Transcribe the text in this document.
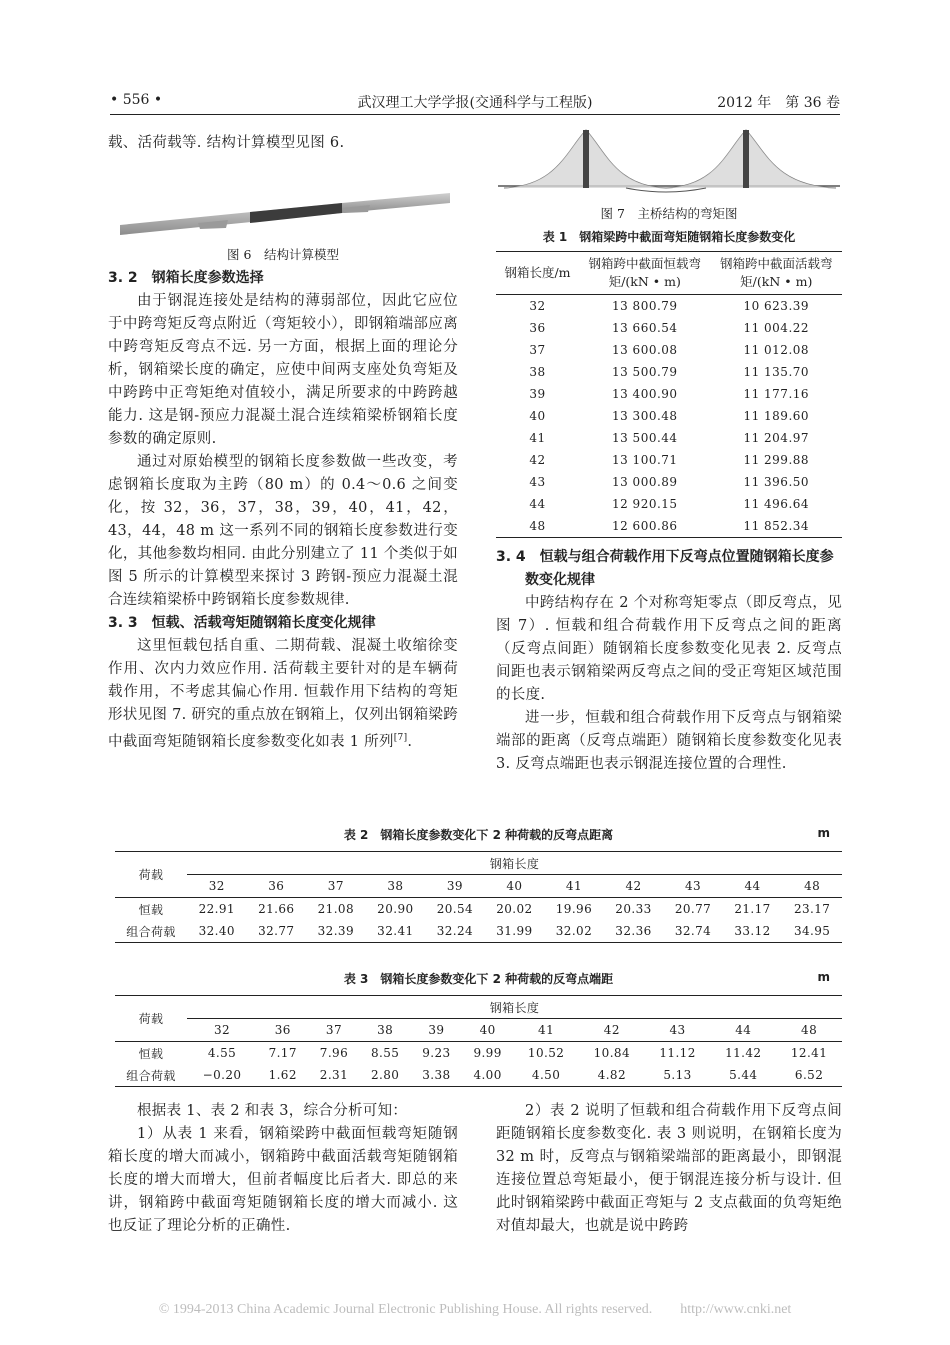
• 556 •	武汉理工大学学报(交通科学与工程版)	2012 年　第 36 卷

载、活荷载等. 结构计算模型见图 6.

图 6　结构计算模型

3. 2　钢箱长度参数选择

由于钢混连接处是结构的薄弱部位，因此它应位于中跨弯矩反弯点附近（弯矩较小），即钢箱端部应离中跨弯矩反弯点不远. 另一方面，根据上面的理论分析，钢箱梁长度的确定，应使中间两支座处负弯矩及中跨跨中正弯矩绝对值较小，满足所要求的中跨跨越能力. 这是钢-预应力混凝土混合连续箱梁桥钢箱长度参数的确定原则.

通过对原始模型的钢箱长度参数做一些改变，考虑钢箱长度取为主跨（80 m）的 0.4～0.6 之间变化，按 32，36，37，38，39，40，41，42，43，44，48 m 这一系列不同的钢箱长度参数进行变化，其他参数均相同. 由此分别建立了 11 个类似于如图 5 所示的计算模型来探讨 3 跨钢-预应力混凝土混合连续箱梁桥中跨钢箱长度参数规律.

3. 3　恒载、活载弯矩随钢箱长度变化规律

这里恒载包括自重、二期荷载、混凝土收缩徐变作用、次内力效应作用. 活荷载主要针对的是车辆荷载作用，不考虑其偏心作用. 恒载作用下结构的弯矩形状见图 7. 研究的重点放在钢箱上，仅列出钢箱梁跨中截面弯矩随钢箱长度参数变化如表 1 所列[7].

图 7　主桥结构的弯矩图

表 1　钢箱梁跨中截面弯矩随钢箱长度参数变化

钢箱长度/m	钢箱跨中截面恒载弯矩/(kN • m)	钢箱跨中截面活载弯矩/(kN • m)
32	13 800.79	10 623.39
36	13 660.54	11 004.22
37	13 600.08	11 012.08
38	13 500.79	11 135.70
39	13 400.90	11 177.16
40	13 300.48	11 189.60
41	13 500.44	11 204.97
42	13 100.71	11 299.88
43	13 000.89	11 396.50
44	12 920.15	11 496.64
48	12 600.86	11 852.34

3. 4　恒载与组合荷载作用下反弯点位置随钢箱长度参数变化规律

中跨结构存在 2 个对称弯矩零点（即反弯点，见图 7）. 恒载和组合荷载作用下反弯点之间的距离（反弯点间距）随钢箱长度参数变化见表 2. 反弯点间距也表示钢箱梁两反弯点之间的受正弯矩区域范围的长度.

进一步，恒载和组合荷载作用下反弯点与钢箱梁端部的距离（反弯点端距）随钢箱长度参数变化见表 3. 反弯点端距也表示钢混连接位置的合理性.

表 2　钢箱长度参数变化下 2 种荷载的反弯点距离	m

荷载	钢箱长度										
	32	36	37	38	39	40	41	42	43	44	48
恒载	22.91	21.66	21.08	20.90	20.54	20.02	19.96	20.33	20.77	21.17	23.17
组合荷载	32.40	32.77	32.39	32.41	32.24	31.99	32.02	32.36	32.74	33.12	34.95

表 3　钢箱长度参数变化下 2 种荷载的反弯点端距	m

荷载	钢箱长度										
	32	36	37	38	39	40	41	42	43	44	48
恒载	4.55	7.17	7.96	8.55	9.23	9.99	10.52	10.84	11.12	11.42	12.41
组合荷载	−0.20	1.62	2.31	2.80	3.38	4.00	4.50	4.82	5.13	5.44	6.52

根据表 1、表 2 和表 3，综合分析可知：

1）从表 1 来看，钢箱梁跨中截面恒载弯矩随钢箱长度的增大而减小，钢箱跨中截面活载弯矩随钢箱长度的增大而增大，但前者幅度比后者大. 即总的来讲，钢箱跨中截面弯矩随钢箱长度的增大而减小. 这也反证了理论分析的正确性.

2）表 2 说明了恒载和组合荷载作用下反弯点间距随钢箱长度参数变化. 表 3 则说明，在钢箱长度为 32 m 时，反弯点与钢箱梁端部的距离最小，即钢混连接位置总弯矩最小，便于钢混连接分析与设计. 但此时钢箱梁跨中截面正弯矩与 2 支点截面的负弯矩绝对值却最大，也就是说中跨跨

© 1994-2013 China Academic Journal Electronic Publishing House. All rights reserved.　　http://www.cnki.net
